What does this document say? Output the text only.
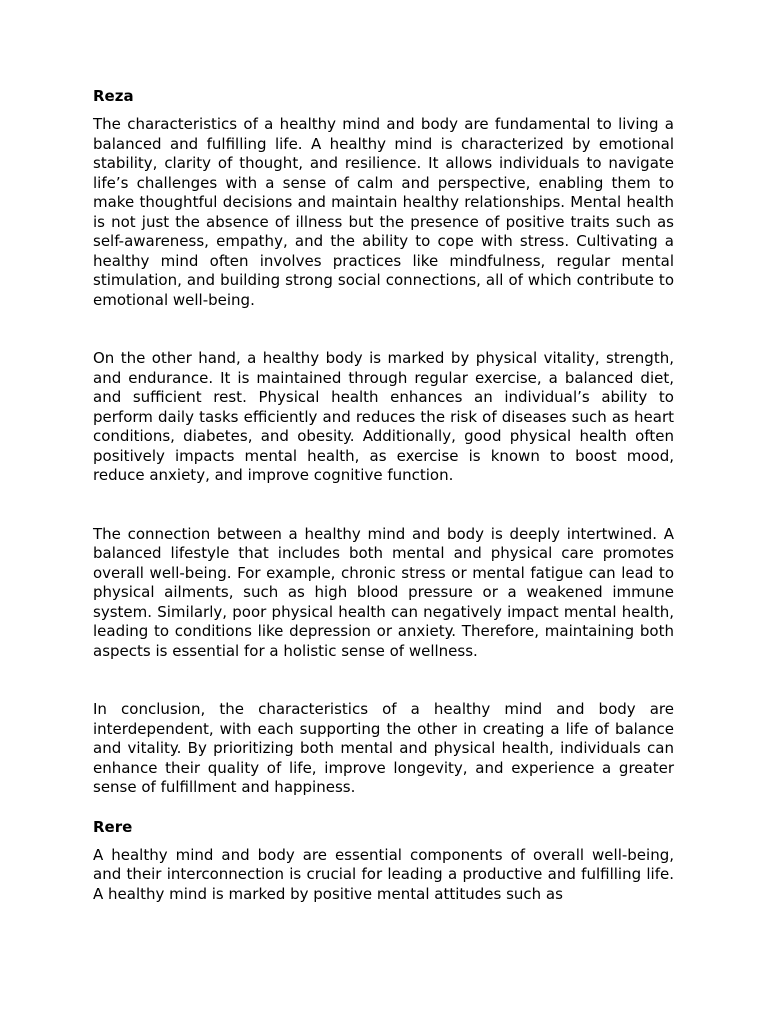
Reza

The characteristics of a healthy mind and body are fundamental to living a balanced and fulfilling life. A healthy mind is characterized by emotional stability, clarity of thought, and resilience. It allows individuals to navigate life’s challenges with a sense of calm and perspective, enabling them to make thoughtful decisions and maintain healthy relationships. Mental health is not just the absence of illness but the presence of positive traits such as self-awareness, empathy, and the ability to cope with stress. Cultivating a healthy mind often involves practices like mindfulness, regular mental stimulation, and building strong social connections, all of which contribute to emotional well-being.

On the other hand, a healthy body is marked by physical vitality, strength, and endurance. It is maintained through regular exercise, a balanced diet, and sufficient rest. Physical health enhances an individual’s ability to perform daily tasks efficiently and reduces the risk of diseases such as heart conditions, diabetes, and obesity. Additionally, good physical health often positively impacts mental health, as exercise is known to boost mood, reduce anxiety, and improve cognitive function.

The connection between a healthy mind and body is deeply intertwined. A balanced lifestyle that includes both mental and physical care promotes overall well-being. For example, chronic stress or mental fatigue can lead to physical ailments, such as high blood pressure or a weakened immune system. Similarly, poor physical health can negatively impact mental health, leading to conditions like depression or anxiety. Therefore, maintaining both aspects is essential for a holistic sense of wellness.

In conclusion, the characteristics of a healthy mind and body are interdependent, with each supporting the other in creating a life of balance and vitality. By prioritizing both mental and physical health, individuals can enhance their quality of life, improve longevity, and experience a greater sense of fulfillment and happiness.

Rere

A healthy mind and body are essential components of overall well-being, and their interconnection is crucial for leading a productive and fulfilling life. A healthy mind is marked by positive mental attitudes such as
